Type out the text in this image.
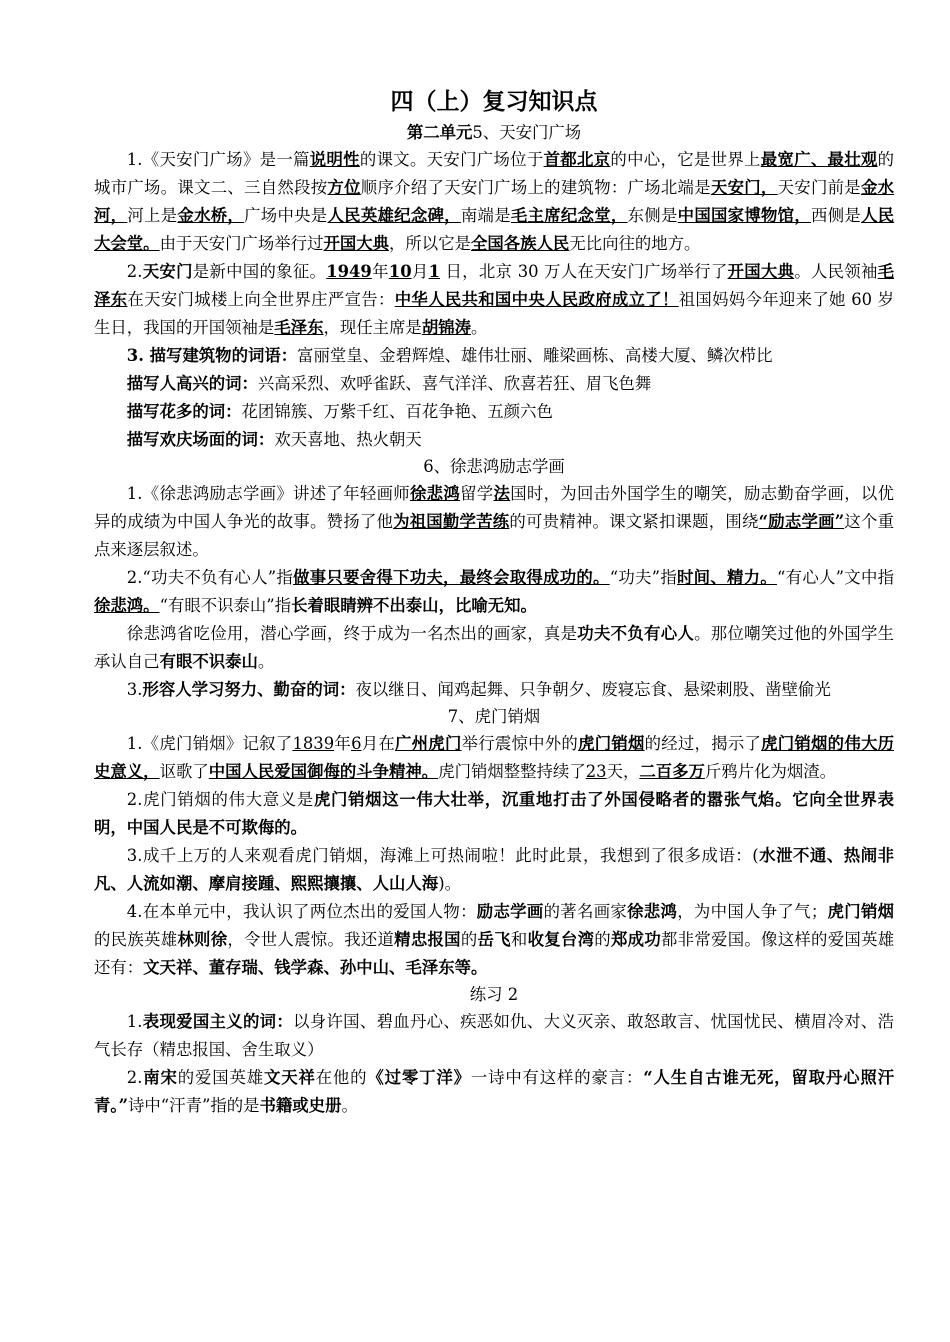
四（上）复习知识点

第二单元5、天安门广场

1.《天安门广场》是一篇说明性的课文。天安门广场位于首都北京的中心，它是世界上最宽广、最壮观的城市广场。课文二、三自然段按方位顺序介绍了天安门广场上的建筑物：广场北端是天安门，天安门前是金水河，河上是金水桥，广场中央是人民英雄纪念碑，南端是毛主席纪念堂，东侧是中国国家博物馆，西侧是人民大会堂。由于天安门广场举行过开国大典，所以它是全国各族人民无比向往的地方。

2.天安门是新中国的象征。1949年10月1 日，北京 30 万人在天安门广场举行了开国大典。人民领袖毛泽东在天安门城楼上向全世界庄严宣告：中华人民共和国中央人民政府成立了！祖国妈妈今年迎来了她 60 岁生日，我国的开国领袖是毛泽东，现任主席是胡锦涛。

3. 描写建筑物的词语：富丽堂皇、金碧辉煌、雄伟壮丽、雕梁画栋、高楼大厦、鳞次栉比

描写人高兴的词：兴高采烈、欢呼雀跃、喜气洋洋、欣喜若狂、眉飞色舞

描写花多的词：花团锦簇、万紫千红、百花争艳、五颜六色

描写欢庆场面的词：欢天喜地、热火朝天

6、徐悲鸿励志学画

1.《徐悲鸿励志学画》讲述了年轻画师徐悲鸿留学法国时，为回击外国学生的嘲笑，励志勤奋学画，以优异的成绩为中国人争光的故事。赞扬了他为祖国勤学苦练的可贵精神。课文紧扣课题，围绕“励志学画”这个重点来逐层叙述。

2.“功夫不负有心人”指做事只要舍得下功夫，最终会取得成功的。“功夫”指时间、精力。“有心人”文中指徐悲鸿。“有眼不识泰山”指长着眼睛辨不出泰山，比喻无知。

徐悲鸿省吃俭用，潜心学画，终于成为一名杰出的画家，真是功夫不负有心人。那位嘲笑过他的外国学生承认自己有眼不识泰山。

3.形容人学习努力、勤奋的词：夜以继日、闻鸡起舞、只争朝夕、废寝忘食、悬梁刺股、凿壁偷光

7、虎门销烟

1.《虎门销烟》记叙了1839年6月在广州虎门举行震惊中外的虎门销烟的经过，揭示了虎门销烟的伟大历史意义，讴歌了中国人民爱国御侮的斗争精神。虎门销烟整整持续了23天，二百多万斤鸦片化为烟渣。

2.虎门销烟的伟大意义是虎门销烟这一伟大壮举，沉重地打击了外国侵略者的嚣张气焰。它向全世界表明，中国人民是不可欺侮的。

3.成千上万的人来观看虎门销烟，海滩上可热闹啦！此时此景，我想到了很多成语：(水泄不通、热闹非凡、人流如潮、摩肩接踵、熙熙攘攘、人山人海)。

4.在本单元中，我认识了两位杰出的爱国人物：励志学画的著名画家徐悲鸿，为中国人争了气；虎门销烟的民族英雄林则徐，令世人震惊。我还道精忠报国的岳飞和收复台湾的郑成功都非常爱国。像这样的爱国英雄还有：文天祥、董存瑞、钱学森、孙中山、毛泽东等。

练习 2

1.表现爱国主义的词：以身许国、碧血丹心、疾恶如仇、大义灭亲、敢怒敢言、忧国忧民、横眉冷对、浩气长存（精忠报国、舍生取义）

2.南宋的爱国英雄文天祥在他的《过零丁洋》一诗中有这样的豪言：“人生自古谁无死，留取丹心照汗青。”诗中“汗青”指的是书籍或史册。
